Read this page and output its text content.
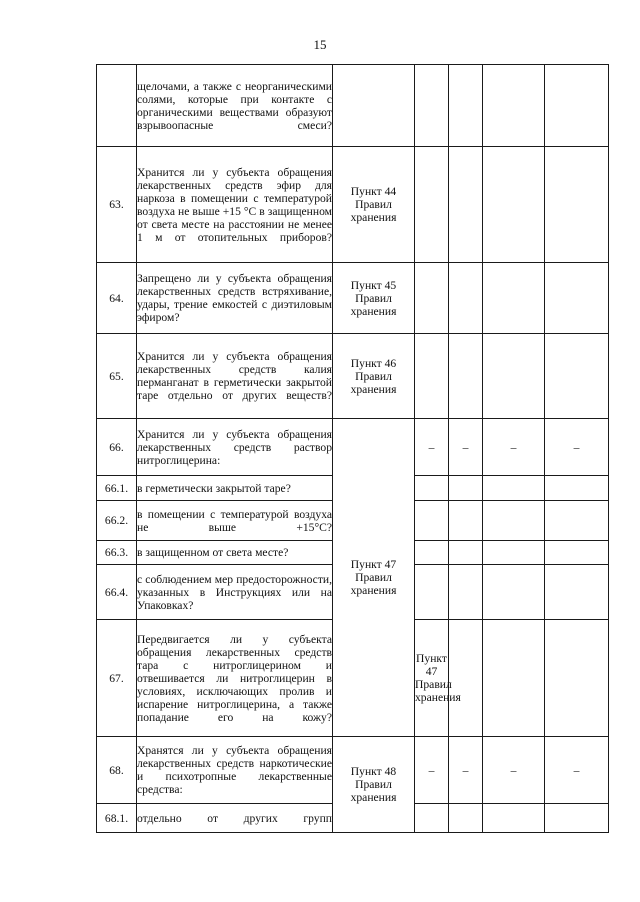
15
	щелочами, а также с неорганическими солями, которые при контакте с органическими веществами образуют взрывоопасные смеси?						
63.	Хранится ли у субъекта обращения лекарственных средств эфир для наркоза в помещении с температурой воздуха не выше +15 °С в защищенном от света месте на расстоянии не менее 1 м от отопительных приборов?	Пункт 44 Правил хранения					
64.	Запрещено ли у субъекта обращения лекарственных средств встряхивание, удары, трение емкостей с диэтиловым эфиром?	Пункт 45 Правил хранения					
65.	Хранится ли у субъекта обращения лекарственных средств калия перманганат в герметически закрытой таре отдельно от других веществ?	Пункт 46 Правил хранения					
66.	Хранится ли у субъекта обращения лекарственных средств раствор нитроглицерина:	Пункт 47 Правил хранения	–	–	–	–	
66.1.	в герметически закрытой таре?						
66.2.	в помещении с температурой воздуха не выше +15°С?						
66.3.	в защищенном от света месте?						
66.4.	с соблюдением мер предосторожности, указанных в Инструкциях или на Упаковках?						
67.	Передвигается ли у субъекта обращения лекарственных средств тара с нитроглицерином и отвешивается ли нитроглицерин в условиях, исключающих пролив и испарение нитроглицерина, а также попадание его на кожу?		Пункт 47 Правил хранения				
68.	Хранятся ли у субъекта обращения лекарственных средств наркотические и психотропные лекарственные средства:	Пункт 48 Правил хранения	–	–	–	–	
68.1.	отдельно от других групп						
